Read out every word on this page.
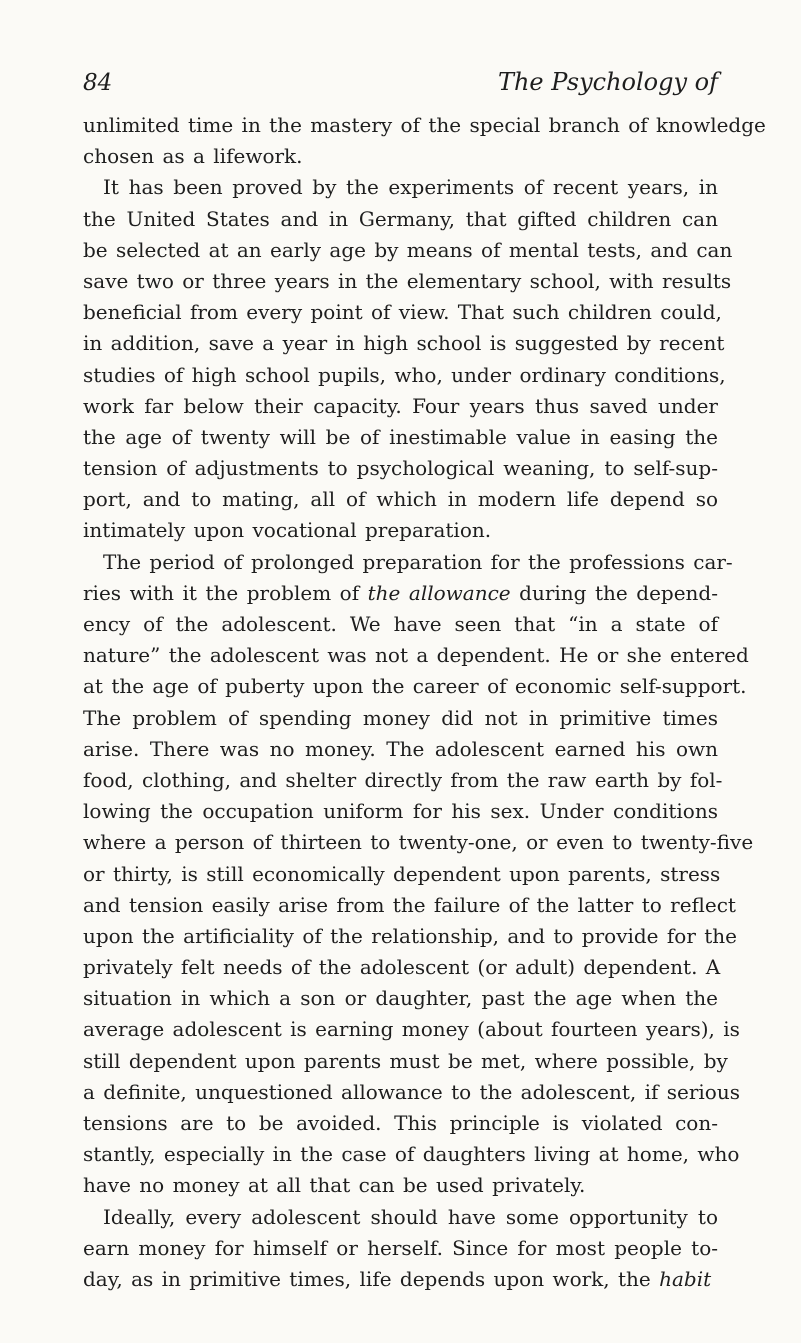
84	The Psychology of
unlimited time in the mastery of the special branch of knowledge
chosen as a lifework.
It has been proved by the experiments of recent years, in
the United States and in Germany, that gifted children can
be selected at an early age by means of mental tests, and can
save two or three years in the elementary school, with results
beneficial from every point of view. That such children could,
in addition, save a year in high school is suggested by recent
studies of high school pupils, who, under ordinary conditions,
work far below their capacity. Four years thus saved under
the age of twenty will be of inestimable value in easing the
tension of adjustments to psychological weaning, to self-sup-
port, and to mating, all of which in modern life depend so
intimately upon vocational preparation.
The period of prolonged preparation for the professions car-
ries with it the problem of the allowance during the depend-
ency of the adolescent. We have seen that “in a state of
nature” the adolescent was not a dependent. He or she entered
at the age of puberty upon the career of economic self-support.
The problem of spending money did not in primitive times
arise. There was no money. The adolescent earned his own
food, clothing, and shelter directly from the raw earth by fol-
lowing the occupation uniform for his sex. Under conditions
where a person of thirteen to twenty-one, or even to twenty-five
or thirty, is still economically dependent upon parents, stress
and tension easily arise from the failure of the latter to reflect
upon the artificiality of the relationship, and to provide for the
privately felt needs of the adolescent (or adult) dependent. A
situation in which a son or daughter, past the age when the
average adolescent is earning money (about fourteen years), is
still dependent upon parents must be met, where possible, by
a definite, unquestioned allowance to the adolescent, if serious
tensions are to be avoided. This principle is violated con-
stantly, especially in the case of daughters living at home, who
have no money at all that can be used privately.
Ideally, every adolescent should have some opportunity to
earn money for himself or herself. Since for most people to-
day, as in primitive times, life depends upon work, the habit
